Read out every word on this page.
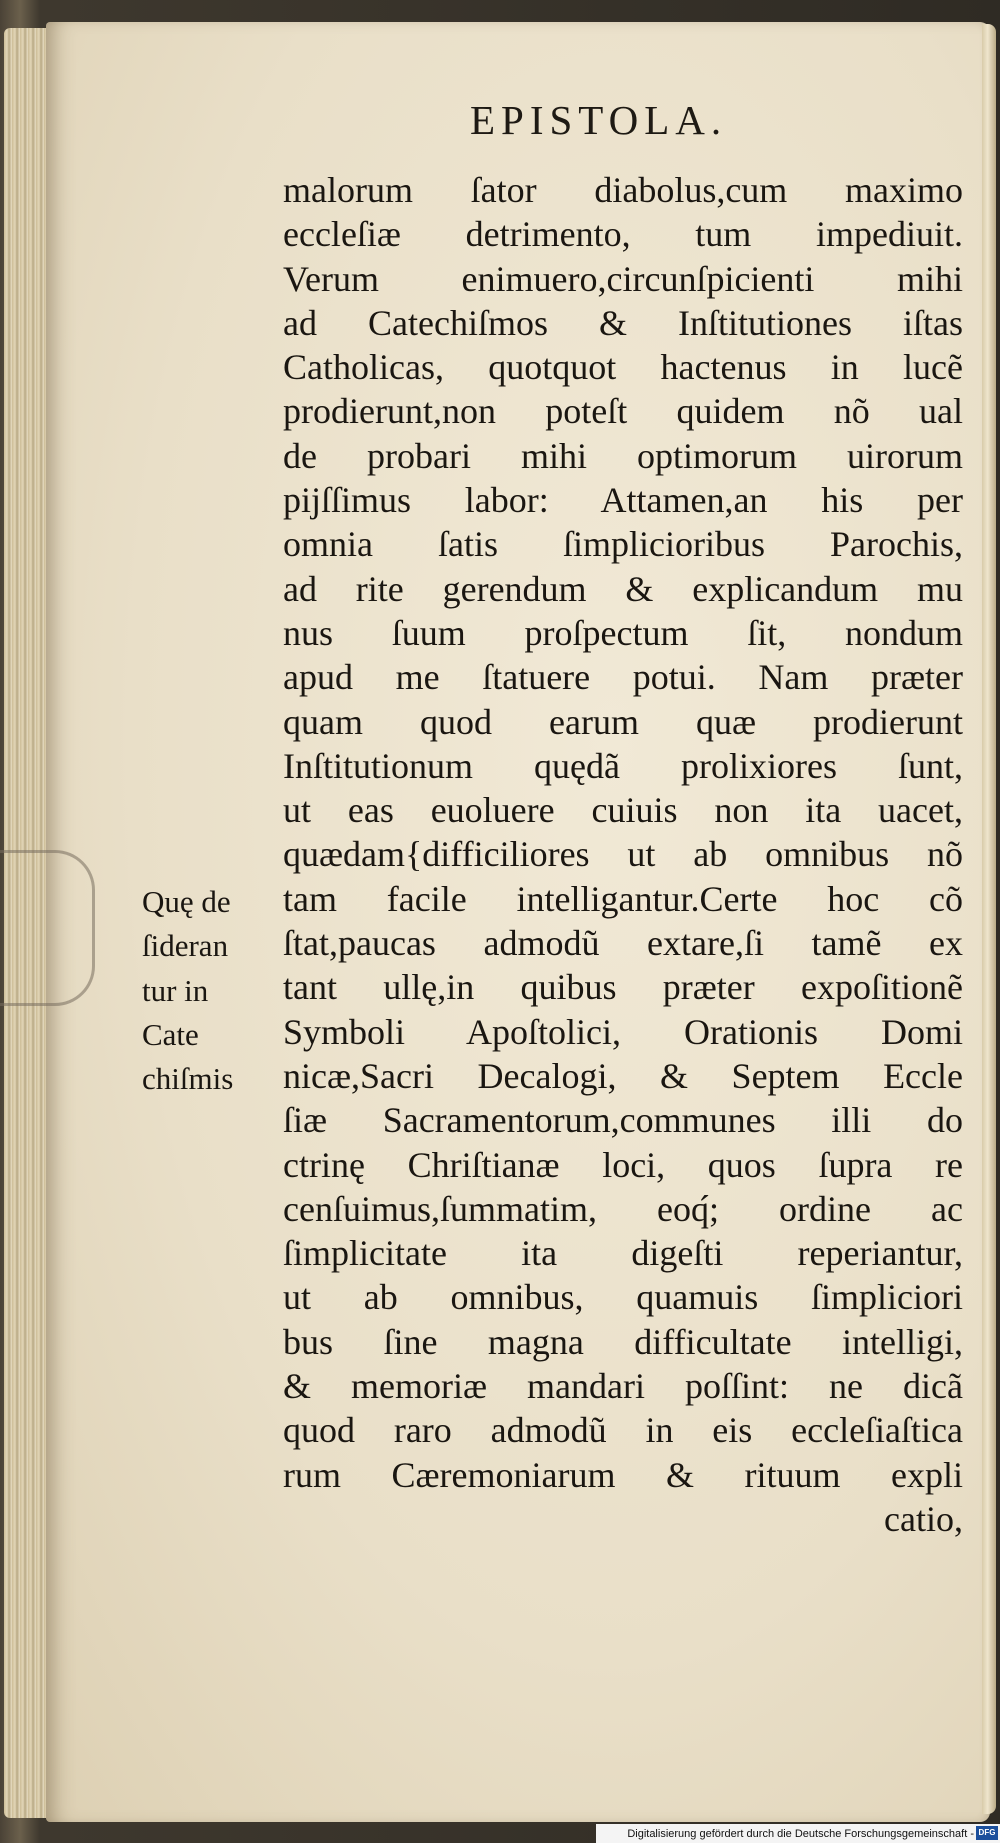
EPISTOLA.
Quę de
ſideran
tur in
Cate
chiſmis
malorum ſator diabolus,cum maximo
eccleſiæ detrimento, tum impediuit.
Verum enimuero,circunſpicienti mihi
ad Catechiſmos & Inſtitutiones iſtas
Catholicas, quotquot hacten⁠us in lucẽ
prodierunt,non poteſt quidem nõ ual
de probari mihi optimorum uirorum
pijſſimus labor: Attamen,an his per
omnia ſatis ſimplicioribus Parochis,
ad rite gerendum & explicandum mu
nus ſuum proſpectum ſit, nondum
apud me ſtatuere potui. Nam præter
quam quod earum quæ prodierunt
Inſtitutionum quędã prolixiores ſunt,
ut eas euoluere cuiuis non ita uacet,
quædam{difficiliores ut ab omnibus nõ
tam facile intelligantur.Certe hoc cõ
ſtat,paucas admodũ extare,ſi tamẽ ex
tant ullę,in quibus præter expoſitionẽ
Symboli Apoſtolici, Orationis Domi
nicæ,Sacri Decalogi, & Septem Eccle
ſiæ Sacramentorum,communes illi do
ctrinę Chriſtianæ loci, quos ſupra re
cenſuimus,ſummatim, eoq́; ordine ac
ſimplicitate ita digeſti reperiantur,
ut ab omnibus, quamuis ſimpliciori
bus ſine magna difficultate intelligi,
& memoriæ mandari poſſint: ne dicã
quod raro admodũ in eis eccleſiaſtica
rum Cæremoniarum & rituum expli
catio,
Digitalisierung gefördert durch die Deutsche Forschungsgemeinschaft - DFG
